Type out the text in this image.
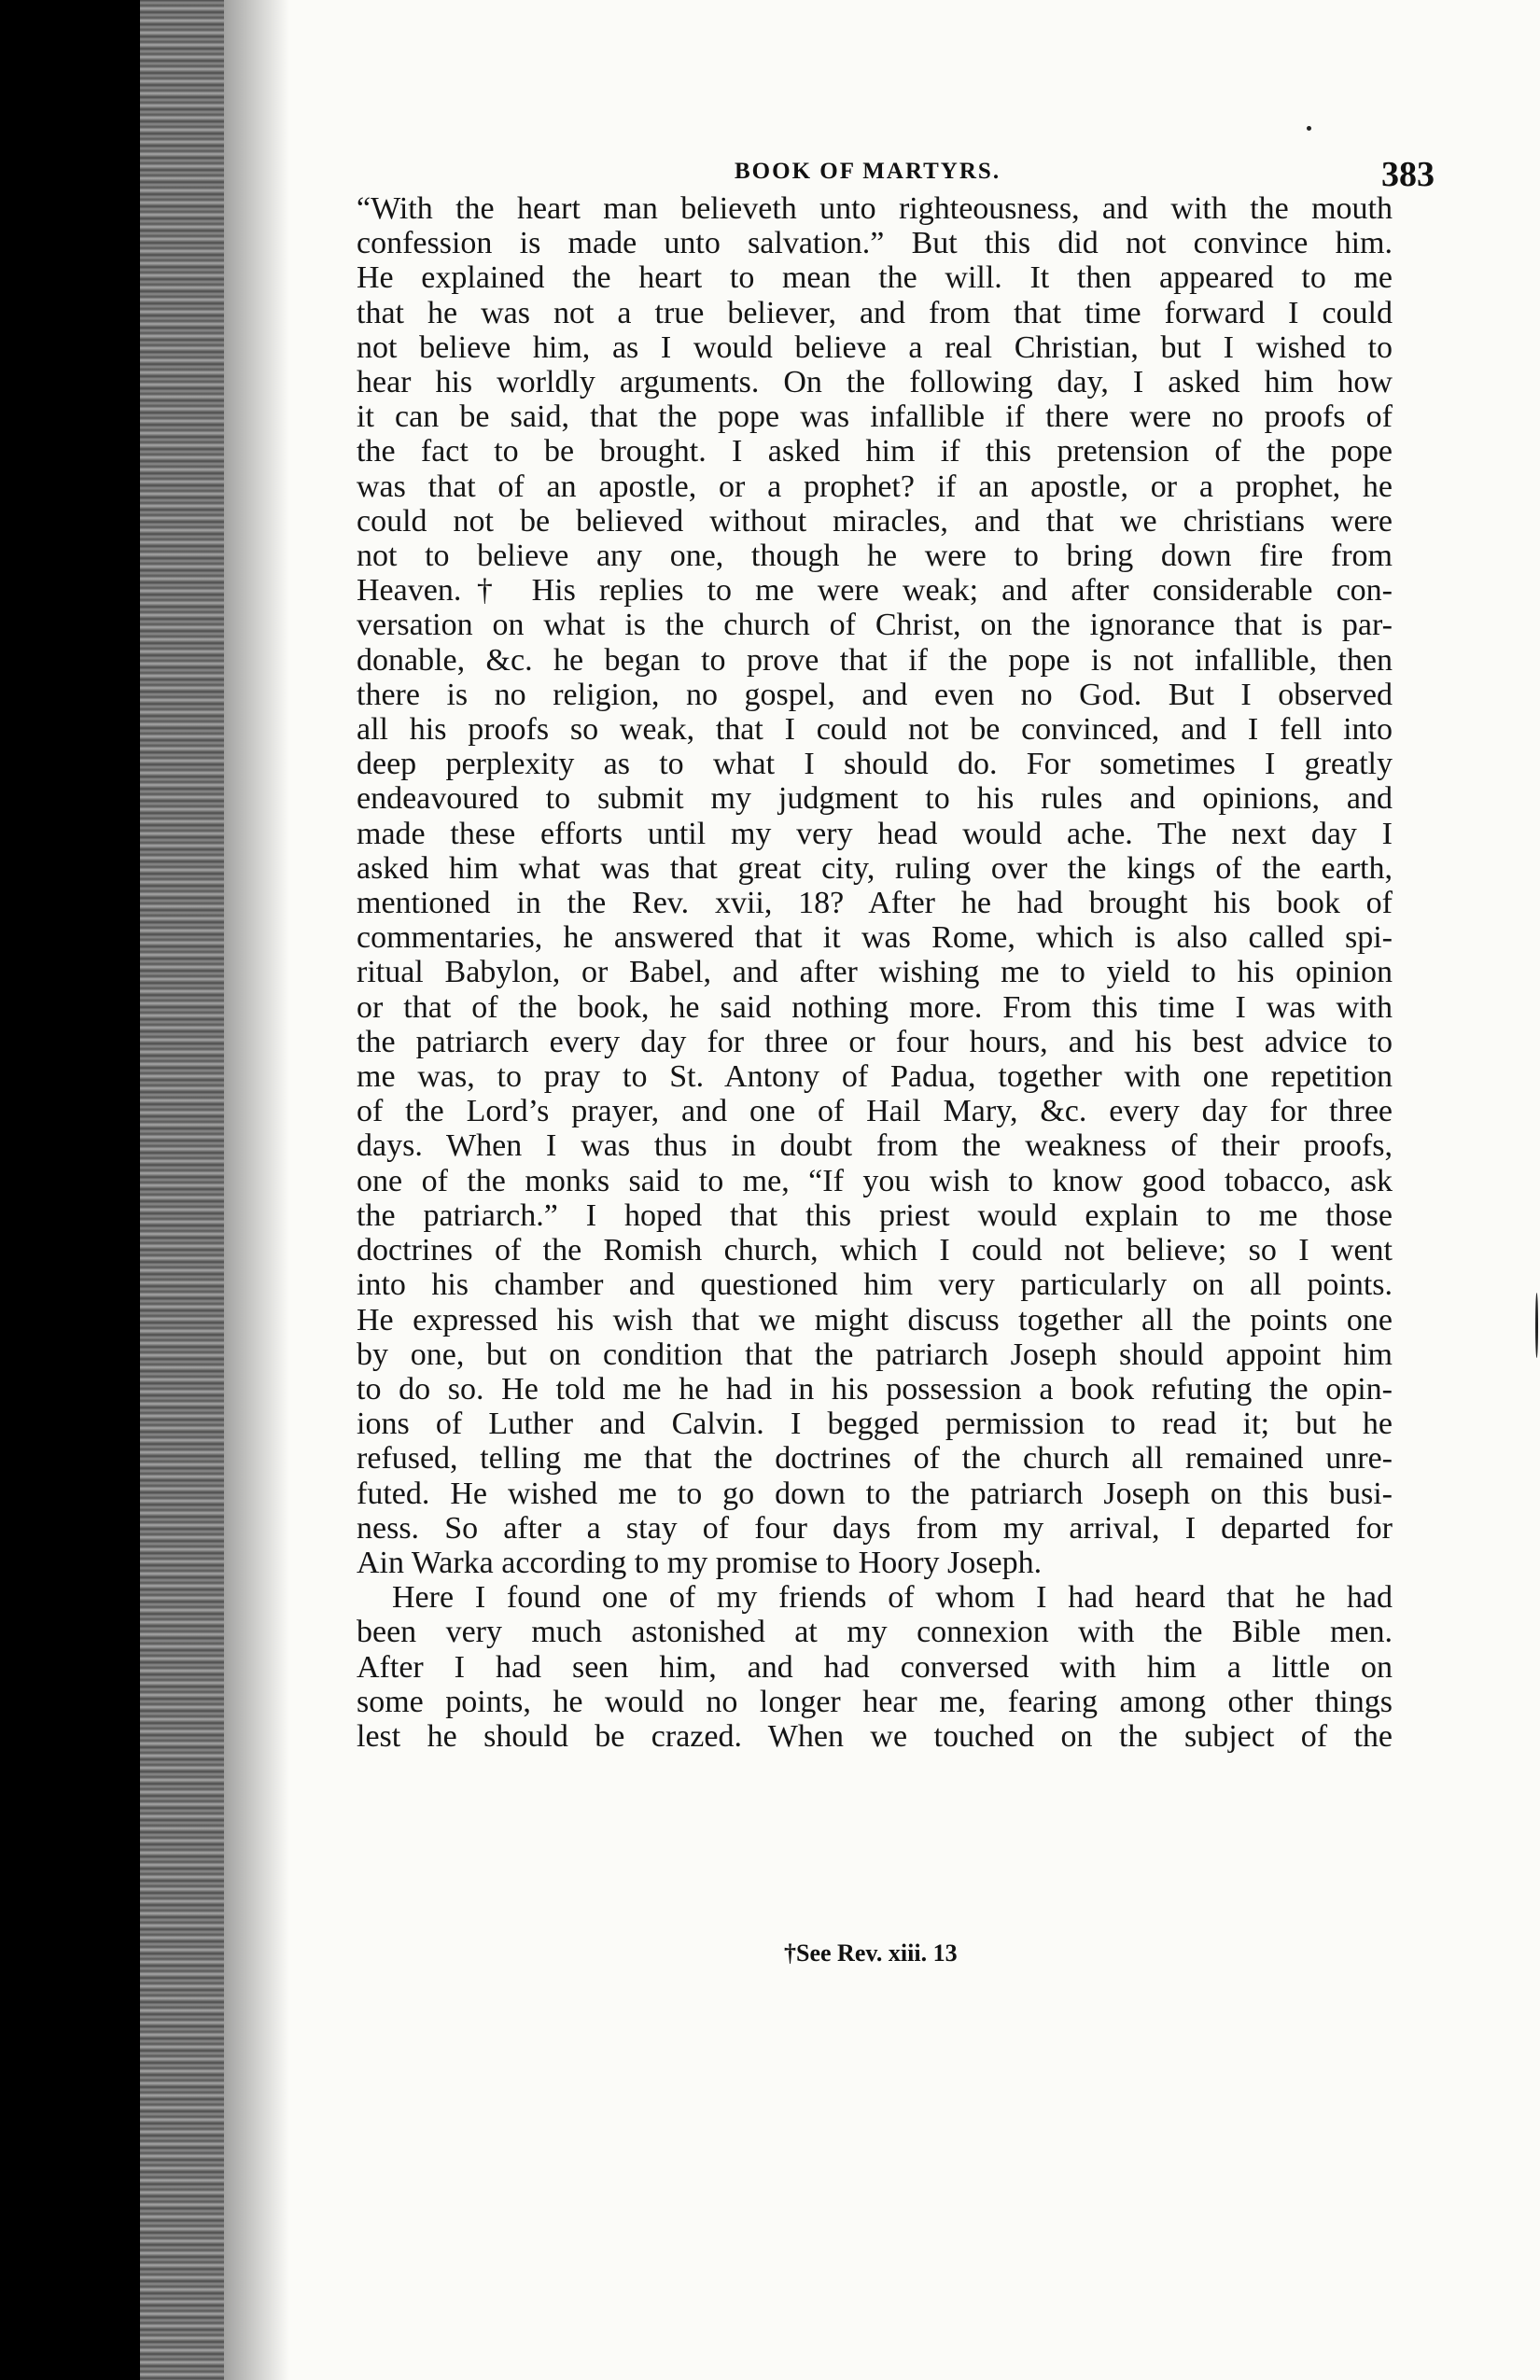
BOOK OF MARTYRS.	383
“With the heart man believeth unto righteousness, and with the mouth
confession is made unto salvation.” But this did not convince him.
He explained the heart to mean the will. It then appeared to me
that he was not a true believer, and from that time forward I could
not believe him, as I would believe a real Christian, but I wished to
hear his worldly arguments. On the following day, I asked him how
it can be said, that the pope was infallible if there were no proofs of
the fact to be brought. I asked him if this pretension of the pope
was that of an apostle, or a prophet? if an apostle, or a prophet, he
could not be believed without miracles, and that we christians were
not to believe any one, though he were to bring down fire from
Heaven.† His replies to me were weak; and after considerable con-
versation on what is the church of Christ, on the ignorance that is par-
donable, &c. he began to prove that if the pope is not infallible, then
there is no religion, no gospel, and even no God. But I observed
all his proofs so weak, that I could not be convinced, and I fell into
deep perplexity as to what I should do. For sometimes I greatly
endeavoured to submit my judgment to his rules and opinions, and
made these efforts until my very head would ache. The next day I
asked him what was that great city, ruling over the kings of the earth,
mentioned in the Rev. xvii, 18? After he had brought his book of
commentaries, he answered that it was Rome, which is also called spi-
ritual Babylon, or Babel, and after wishing me to yield to his opinion
or that of the book, he said nothing more. From this time I was with
the patriarch every day for three or four hours, and his best advice to
me was, to pray to St. Antony of Padua, together with one repetition
of the Lord’s prayer, and one of Hail Mary, &c. every day for three
days. When I was thus in doubt from the weakness of their proofs,
one of the monks said to me, “If you wish to know good tobacco, ask
the patriarch.” I hoped that this priest would explain to me those
doctrines of the Romish church, which I could not believe; so I went
into his chamber and questioned him very particularly on all points.
He expressed his wish that we might discuss together all the points one
by one, but on condition that the patriarch Joseph should appoint him
to do so. He told me he had in his possession a book refuting the opin-
ions of Luther and Calvin. I begged permission to read it; but he
refused, telling me that the doctrines of the church all remained unre-
futed. He wished me to go down to the patriarch Joseph on this busi-
ness. So after a stay of four days from my arrival, I departed for
Ain Warka according to my promise to Hoory Joseph.
Here I found one of my friends of whom I had heard that he had
been very much astonished at my connexion with the Bible men.
After I had seen him, and had conversed with him a little on
some points, he would no longer hear me, fearing among other things
lest he should be crazed. When we touched on the subject of the
†See Rev. xiii. 13
